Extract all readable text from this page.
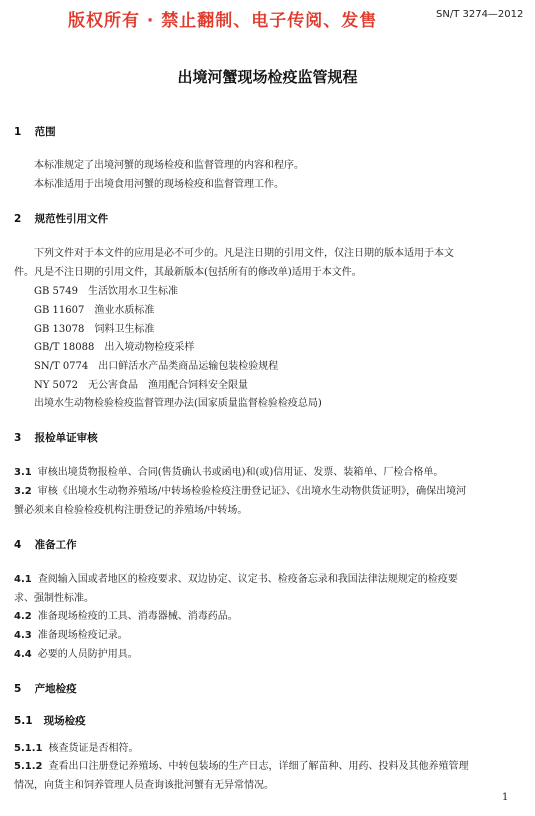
版权所有 · 禁止翻制、电子传阅、发售	SN/T 3274—2012
出境河蟹现场检疫监管规程
1 范围
本标准规定了出境河蟹的现场检疫和监督管理的内容和程序。
本标准适用于出境食用河蟹的现场检疫和监督管理工作。
2 规范性引用文件
下列文件对于本文件的应用是必不可少的。凡是注日期的引用文件，仅注日期的版本适用于本文
件。凡是不注日期的引用文件，其最新版本(包括所有的修改单)适用于本文件。
GB 5749　生活饮用水卫生标准
GB 11607　渔业水质标准
GB 13078　饲料卫生标准
GB/T 18088　出入境动物检疫采样
SN/T 0774　出口鲜活水产品类商品运输包装检验规程
NY 5072　无公害食品　渔用配合饲料安全限量
出境水生动物检验检疫监督管理办法(国家质量监督检验检疫总局)
3 报检单证审核
3.1 审核出境货物报检单、合同(售货确认书或函电)和(或)信用证、发票、装箱单、厂检合格单。
3.2 审核《出境水生动物养殖场/中转场检验检疫注册登记证》、《出境水生动物供货证明》，确保出境河
蟹必须来自检验检疫机构注册登记的养殖场/中转场。
4 准备工作
4.1 查阅输入国或者地区的检疫要求、双边协定、议定书、检疫备忘录和我国法律法规规定的检疫要
求、强制性标准。
4.2 准备现场检疫的工具、消毒器械、消毒药品。
4.3 准备现场检疫记录。
4.4 必要的人员防护用具。
5 产地检疫
5.1 现场检疫
5.1.1 核查货证是否相符。
5.1.2 查看出口注册登记养殖场、中转包装场的生产日志，详细了解苗种、用药、投料及其他养殖管理
情况，向货主和饲养管理人员查询该批河蟹有无异常情况。
1
